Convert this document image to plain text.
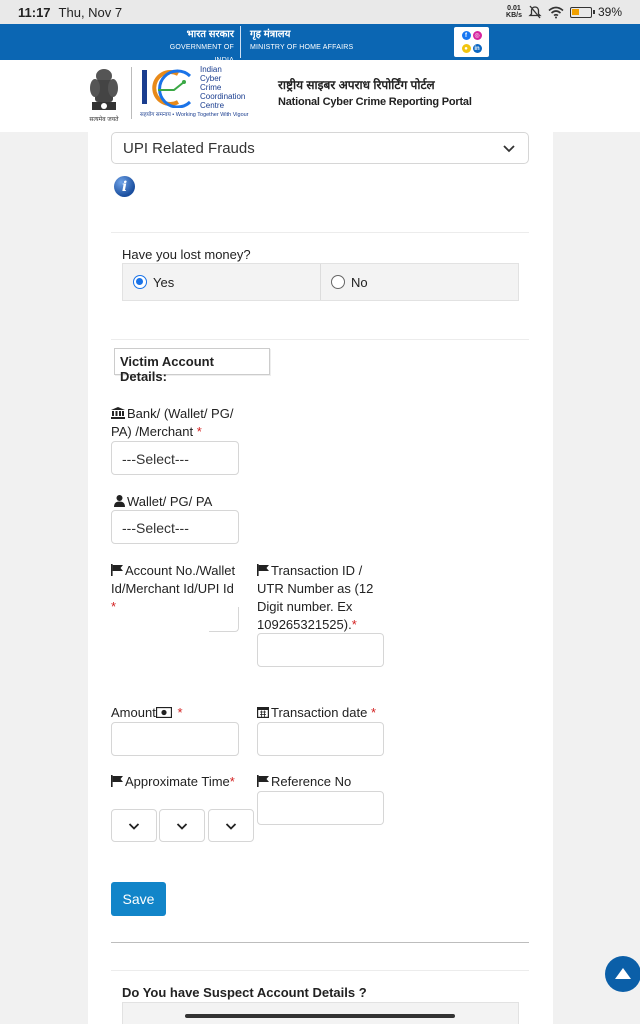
11:17 Thu, Nov 7	0.01
KB/s	39%
भारत सरकार
GOVERNMENT OF
गृह मंत्रालय
MINISTRY OF HOME AFFAIRS
f	◎
●	in
सत्यमेव जयते
Indian
Cyber
Crime
Coordination
Centre
सहयोग समन्वय • Working Together With Vigour
राष्ट्रीय साइबर अपराध रिपोर्टिंग पोर्टल
National Cyber Crime Reporting Portal
UPI Related Frauds
i
Have you lost money?
Yes	No
Victim Account Details:
Bank/ (Wallet/ PG/ PA) /Merchant *
---Select---
Wallet/ PG/ PA
---Select---
Account No./Wallet Id/Merchant Id/UPI Id
*
Transaction ID / UTR Number as (12 Digit number. Ex 109265321525).*
Amount *	Transaction date *
Approximate Time*	Reference No
Save
Do You have Suspect Account Details ?
